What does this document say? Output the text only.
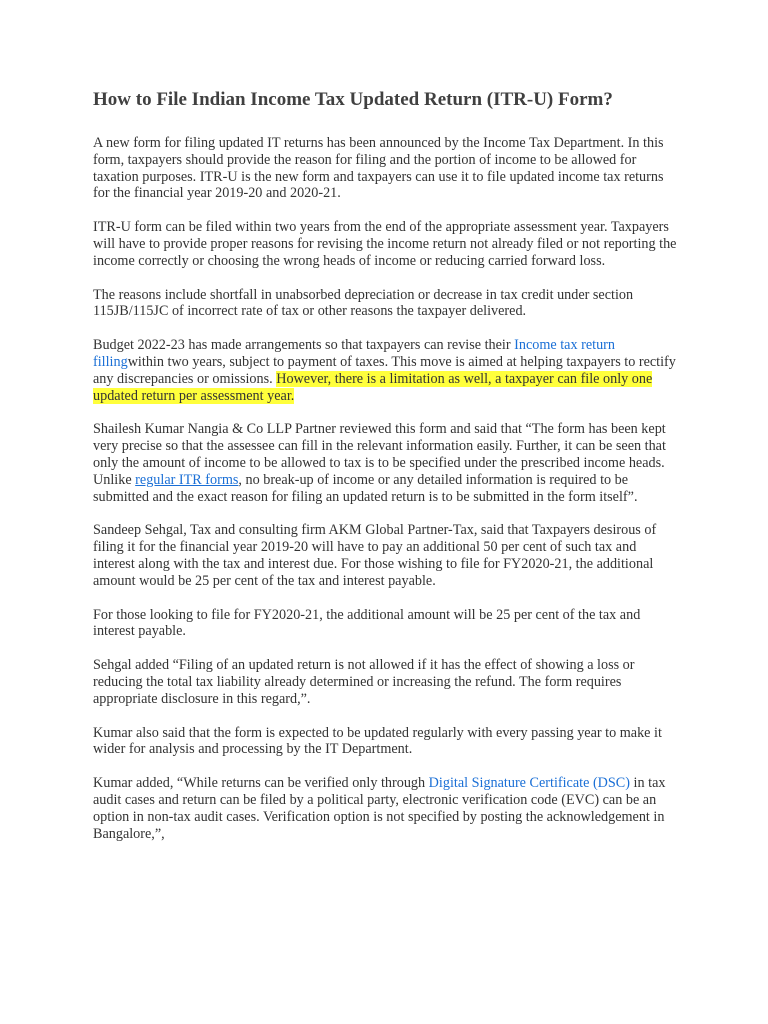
How to File Indian Income Tax Updated Return (ITR-U) Form?

A new form for filing updated IT returns has been announced by the Income Tax Department. In this form, taxpayers should provide the reason for filing and the portion of income to be allowed for taxation purposes. ITR-U is the new form and taxpayers can use it to file updated income tax returns for the financial year 2019-20 and 2020-21.

ITR-U form can be filed within two years from the end of the appropriate assessment year. Taxpayers will have to provide proper reasons for revising the income return not already filed or not reporting the income correctly or choosing the wrong heads of income or reducing carried forward loss.

The reasons include shortfall in unabsorbed depreciation or decrease in tax credit under section 115JB/115JC of incorrect rate of tax or other reasons the taxpayer delivered.

Budget 2022-23 has made arrangements so that taxpayers can revise their Income tax return fillingwithin two years, subject to payment of taxes. This move is aimed at helping taxpayers to rectify any discrepancies or omissions. However, there is a limitation as well, a taxpayer can file only one updated return per assessment year.

Shailesh Kumar Nangia & Co LLP Partner reviewed this form and said that “The form has been kept very precise so that the assessee can fill in the relevant information easily. Further, it can be seen that only the amount of income to be allowed to tax is to be specified under the prescribed income heads. Unlike regular ITR forms, no break-up of income or any detailed information is required to be submitted and the exact reason for filing an updated return is to be submitted in the form itself”.

Sandeep Sehgal, Tax and consulting firm AKM Global Partner-Tax, said that Taxpayers desirous of filing it for the financial year 2019-20 will have to pay an additional 50 per cent of such tax and interest along with the tax and interest due. For those wishing to file for FY2020-21, the additional amount would be 25 per cent of the tax and interest payable.

For those looking to file for FY2020-21, the additional amount will be 25 per cent of the tax and interest payable.

Sehgal added “Filing of an updated return is not allowed if it has the effect of showing a loss or reducing the total tax liability already determined or increasing the refund. The form requires appropriate disclosure in this regard,”.

Kumar also said that the form is expected to be updated regularly with every passing year to make it wider for analysis and processing by the IT Department.

Kumar added, “While returns can be verified only through Digital Signature Certificate (DSC) in tax audit cases and return can be filed by a political party, electronic verification code (EVC) can be an option in non-tax audit cases. Verification option is not specified by posting the acknowledgement in Bangalore,”,
